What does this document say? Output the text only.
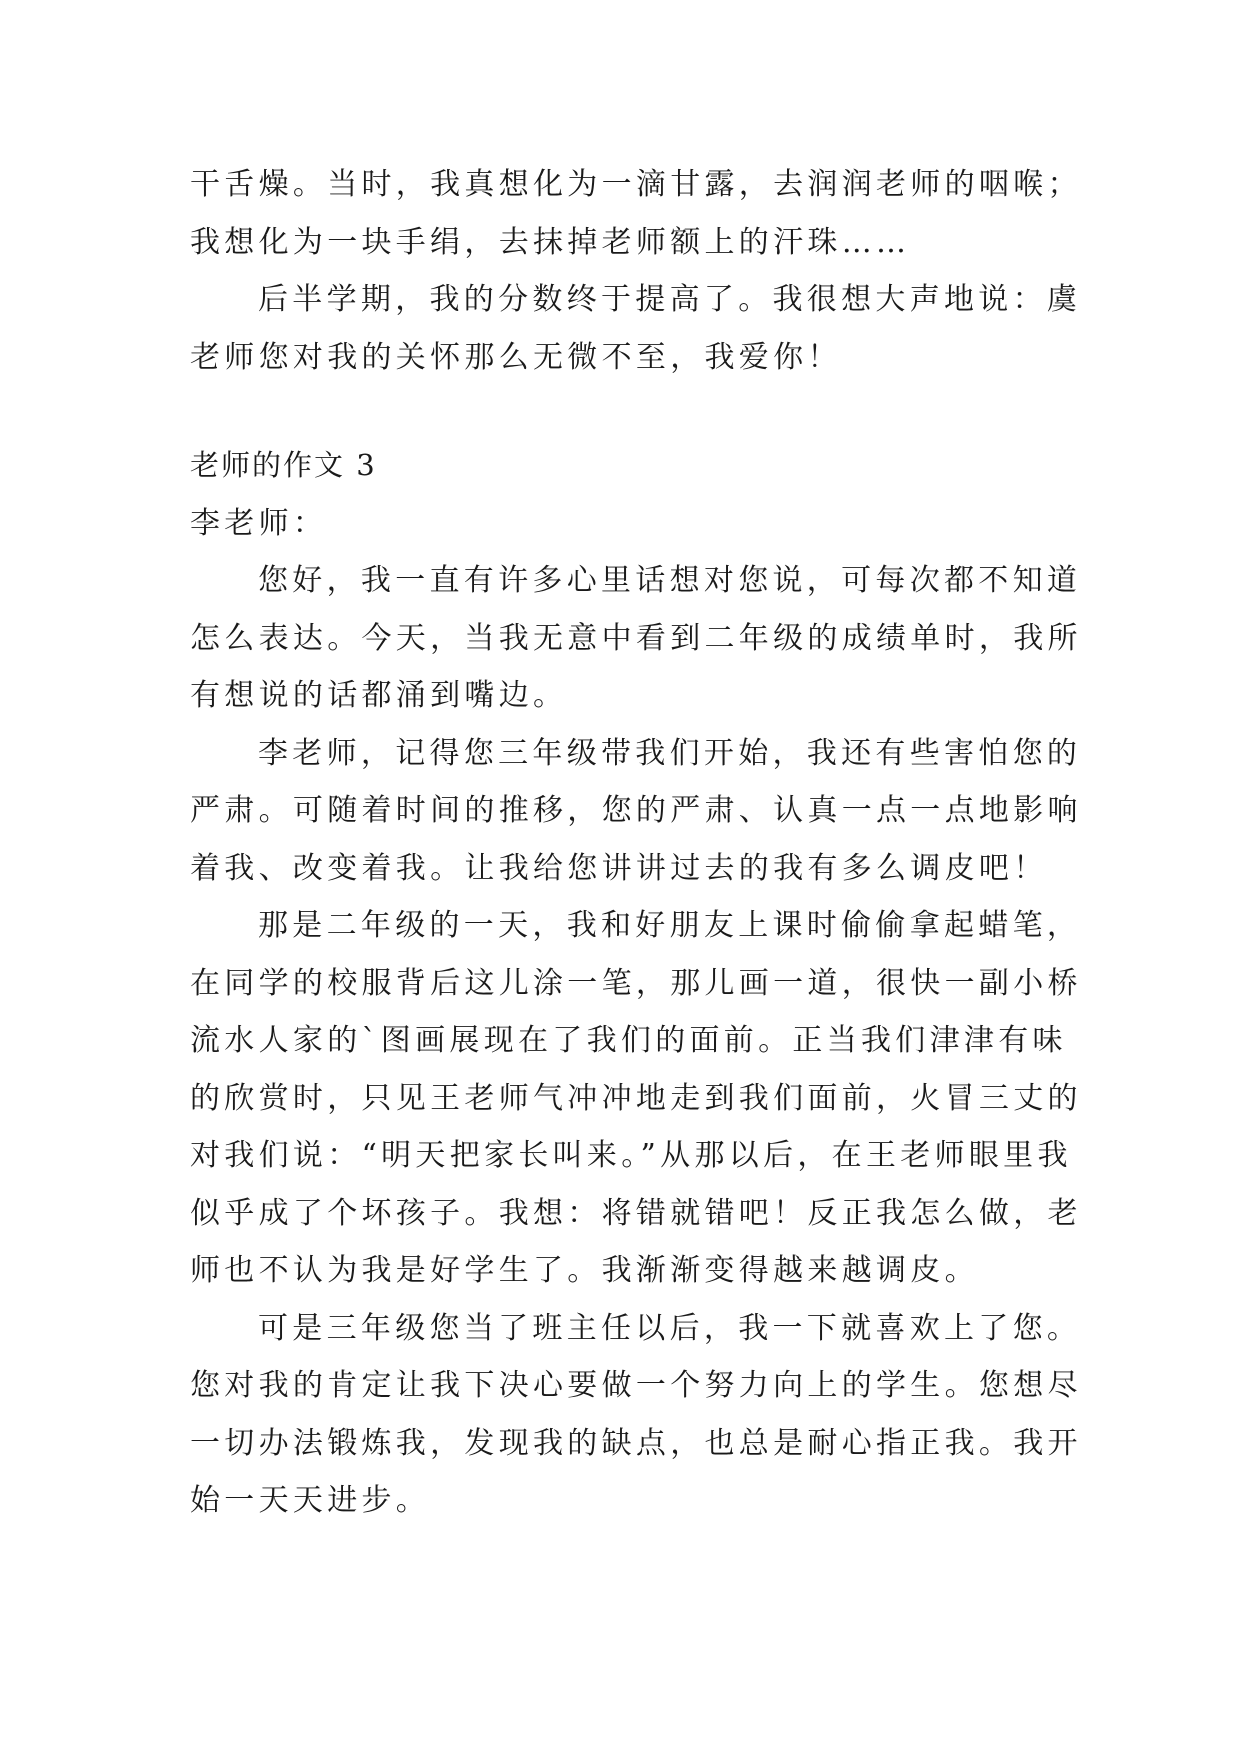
干舌燥。当时，我真想化为一滴甘露，去润润老师的咽喉；
我想化为一块手绢，去抹掉老师额上的汗珠……
后半学期，我的分数终于提高了。我很想大声地说：虞
老师您对我的关怀那么无微不至，我爱你！
老师的作文 3
李老师：
您好，我一直有许多心里话想对您说，可每次都不知道
怎么表达。今天，当我无意中看到二年级的成绩单时，我所
有想说的话都涌到嘴边。
李老师，记得您三年级带我们开始，我还有些害怕您的
严肃。可随着时间的推移，您的严肃、认真一点一点地影响
着我、改变着我。让我给您讲讲过去的我有多么调皮吧！
那是二年级的一天，我和好朋友上课时偷偷拿起蜡笔，
在同学的校服背后这儿涂一笔，那儿画一道，很快一副小桥
流水人家的`图画展现在了我们的面前。正当我们津津有味
的欣赏时，只见王老师气冲冲地走到我们面前，火冒三丈的
对我们说：“明天把家长叫来。”从那以后，在王老师眼里我
似乎成了个坏孩子。我想：将错就错吧！反正我怎么做，老
师也不认为我是好学生了。我渐渐变得越来越调皮。
可是三年级您当了班主任以后，我一下就喜欢上了您。
您对我的肯定让我下决心要做一个努力向上的学生。您想尽
一切办法锻炼我，发现我的缺点，也总是耐心指正我。我开
始一天天进步。
